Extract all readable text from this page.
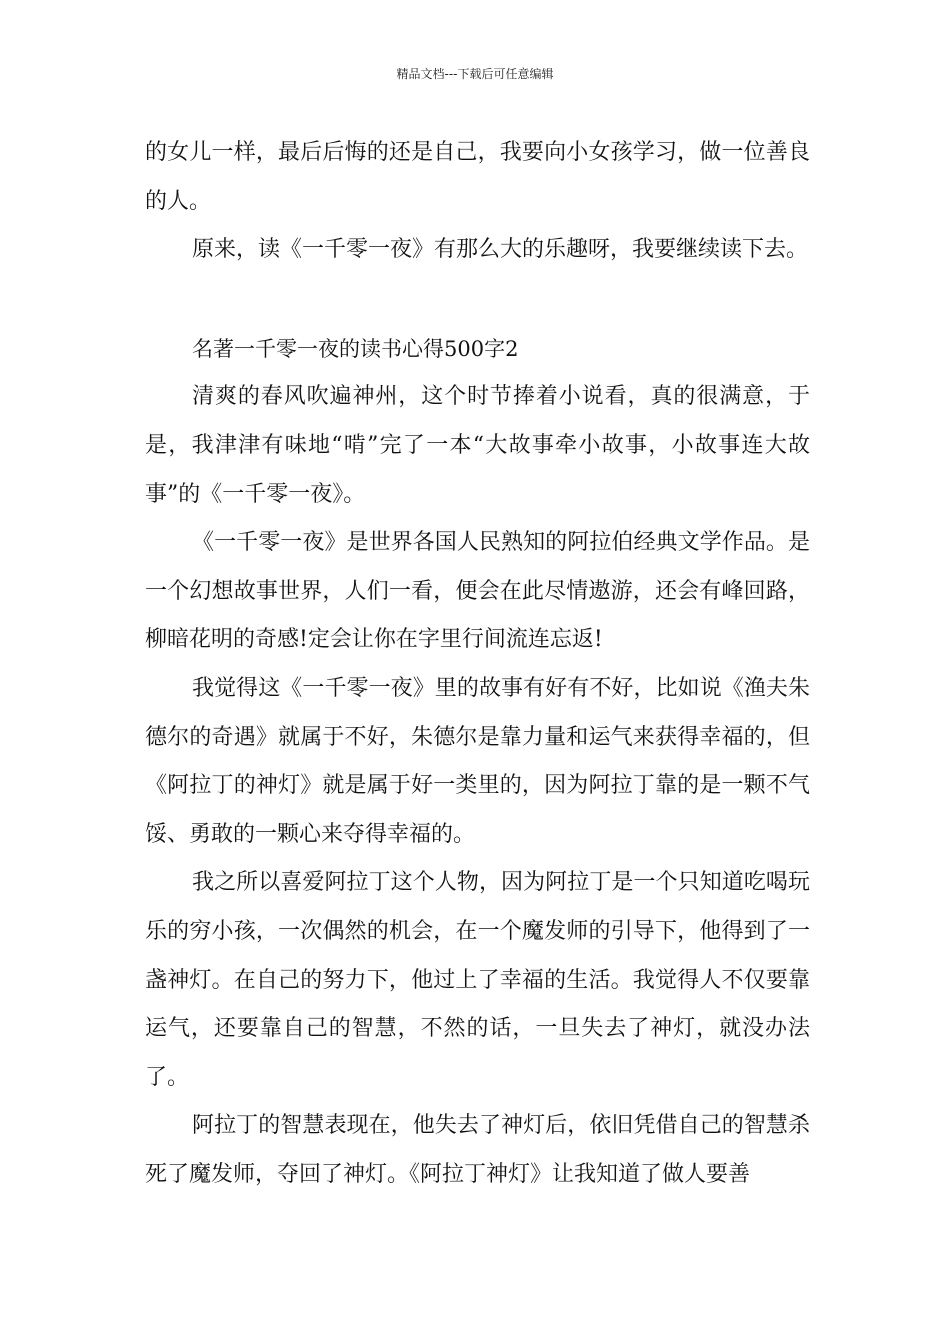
精品文档---下载后可任意编辑

的女儿一样，最后后悔的还是自己，我要向小女孩学习，做一位善良的人。

原来，读《一千零一夜》有那么大的乐趣呀，我要继续读下去。

名著一千零一夜的读书心得500字2

清爽的春风吹遍神州，这个时节捧着小说看，真的很满意，于是，我津津有味地“啃”完了一本“大故事牵小故事，小故事连大故事”的《一千零一夜》。

《一千零一夜》是世界各国人民熟知的阿拉伯经典文学作品。是一个幻想故事世界，人们一看，便会在此尽情遨游，还会有峰回路，柳暗花明的奇感!定会让你在字里行间流连忘返!

我觉得这《一千零一夜》里的故事有好有不好，比如说《渔夫朱德尔的奇遇》就属于不好，朱德尔是靠力量和运气来获得幸福的，但《阿拉丁的神灯》就是属于好一类里的，因为阿拉丁靠的是一颗不气馁、勇敢的一颗心来夺得幸福的。

我之所以喜爱阿拉丁这个人物，因为阿拉丁是一个只知道吃喝玩乐的穷小孩，一次偶然的机会，在一个魔发师的引导下，他得到了一盏神灯。在自己的努力下，他过上了幸福的生活。我觉得人不仅要靠运气，还要靠自己的智慧，不然的话，一旦失去了神灯，就没办法了。

阿拉丁的智慧表现在，他失去了神灯后，依旧凭借自己的智慧杀死了魔发师，夺回了神灯。《阿拉丁神灯》让我知道了做人要善
